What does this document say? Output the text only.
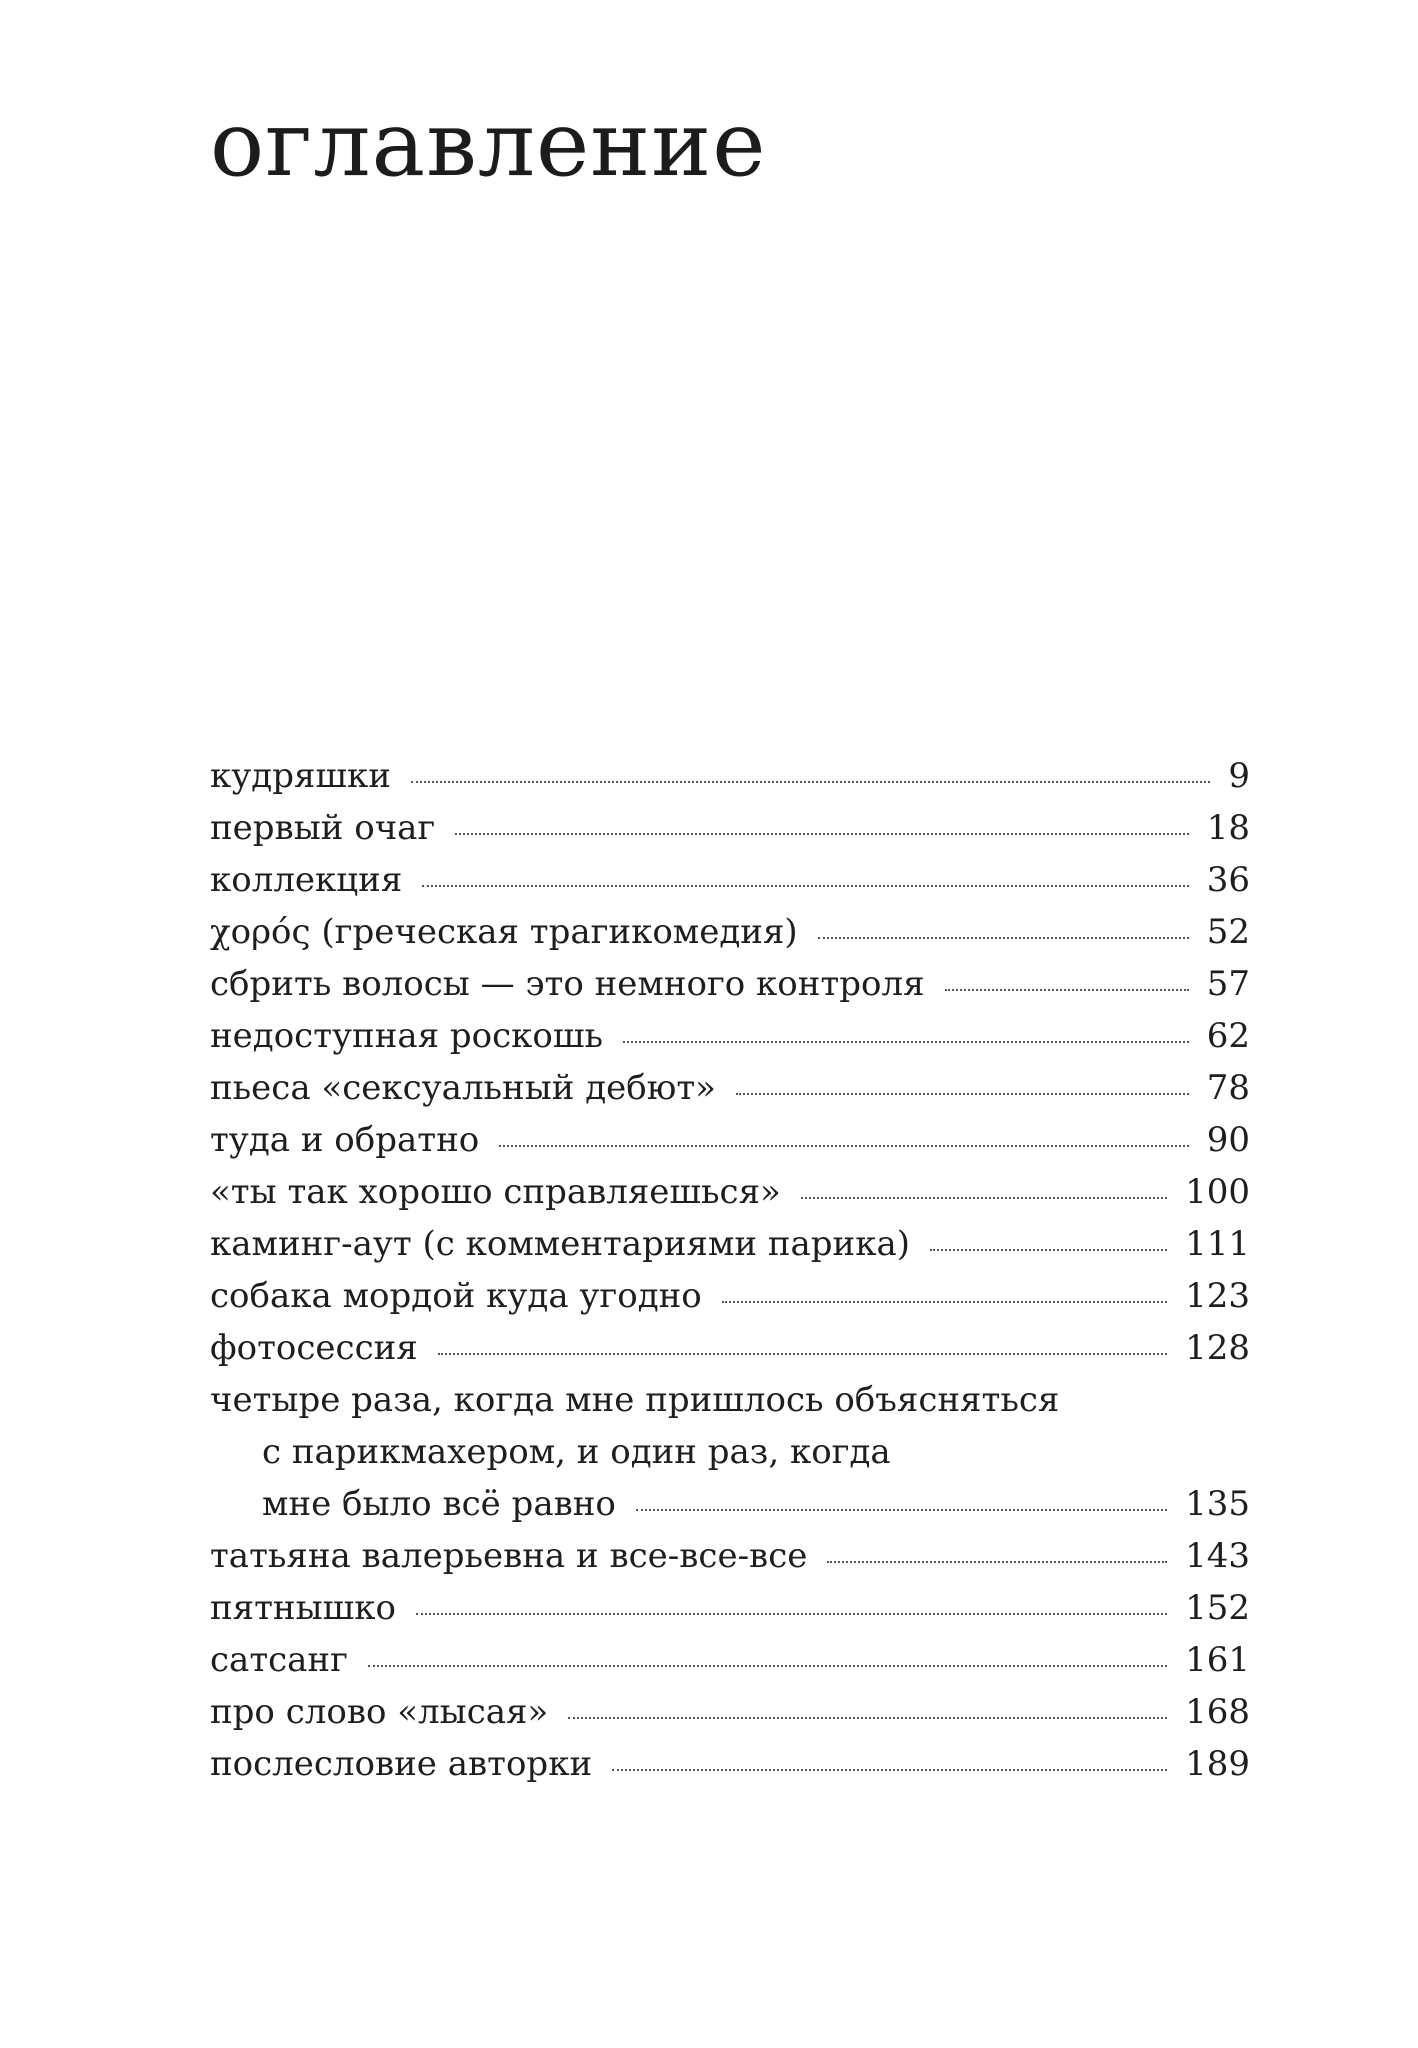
оглавление
кудряшки	9
первый очаг	18
коллекция	36
χορός (греческая трагикомедия)	52
сбрить волосы — это немного контроля	57
недоступная роскошь	62
пьеса «сексуальный дебют»	78
туда и обратно	90
«ты так хорошо справляешься»	100
каминг-аут (с комментариями парика)	111
собака мордой куда угодно	123
фотосессия	128
четыре раза, когда мне пришлось объясняться
с парикмахером, и один раз, когда
мне было всё равно	135
татьяна валерьевна и все-все-все	143
пятнышко	152
сатсанг	161
про слово «лысая»	168
послесловие авторки	189
